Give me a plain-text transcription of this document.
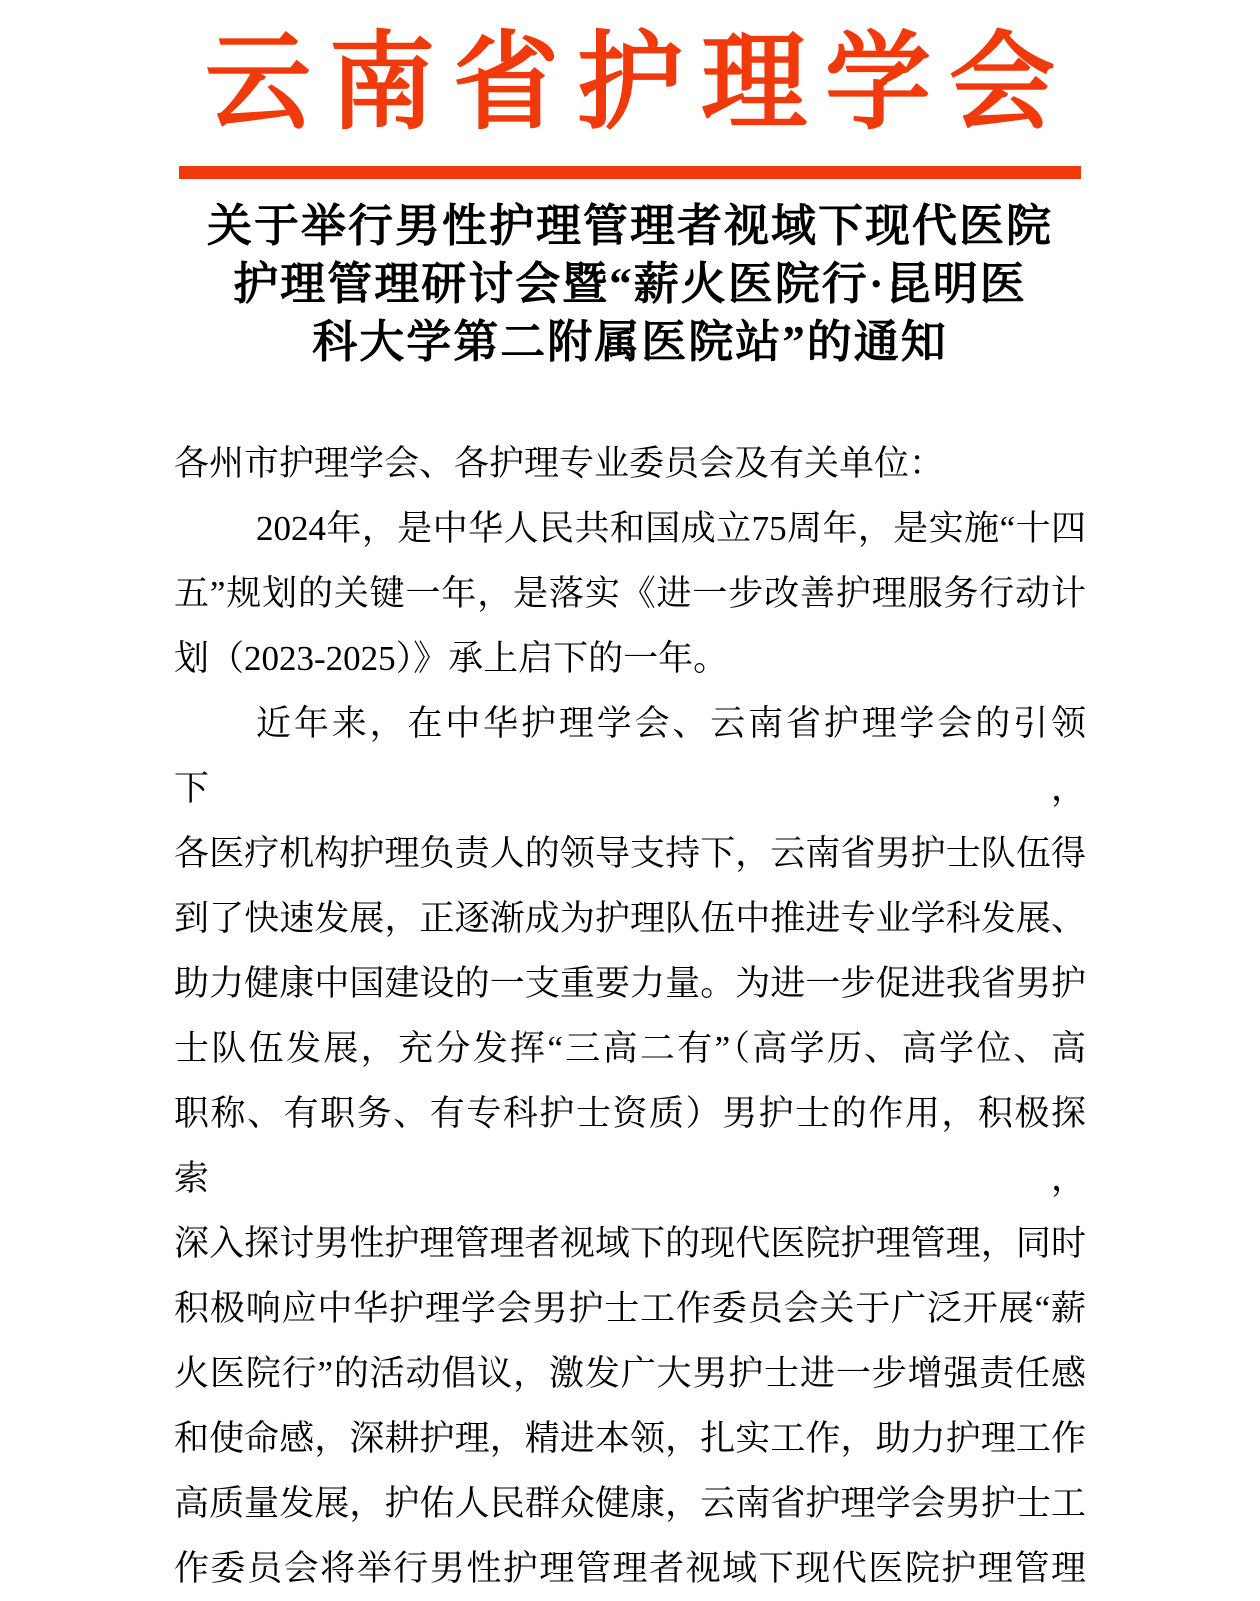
云南省护理学会
关于举行男性护理管理者视域下现代医院
护理管理研讨会暨“薪火医院行·昆明医
科大学第二附属医院站”的通知

各州市护理学会、各护理专业委员会及有关单位：

2024年，是中华人民共和国成立75周年，是实施“十四

五”规划的关键一年，是落实《进一步改善护理服务行动计

划（2023-2025）》承上启下的一年。

近年来，在中华护理学会、云南省护理学会的引领下，

各医疗机构护理负责人的领导支持下，云南省男护士队伍得

到了快速发展，正逐渐成为护理队伍中推进专业学科发展、

助力健康中国建设的一支重要力量。为进一步促进我省男护

士队伍发展，充分发挥“三高二有”（高学历、高学位、高

职称、有职务、有专科护士资质）男护士的作用，积极探索，

深入探讨男性护理管理者视域下的现代医院护理管理，同时

积极响应中华护理学会男护士工作委员会关于广泛开展“薪

火医院行”的活动倡议，激发广大男护士进一步增强责任感

和使命感，深耕护理，精进本领，扎实工作，助力护理工作

高质量发展，护佑人民群众健康，云南省护理学会男护士工

作委员会将举行男性护理管理者视域下现代医院护理管理
